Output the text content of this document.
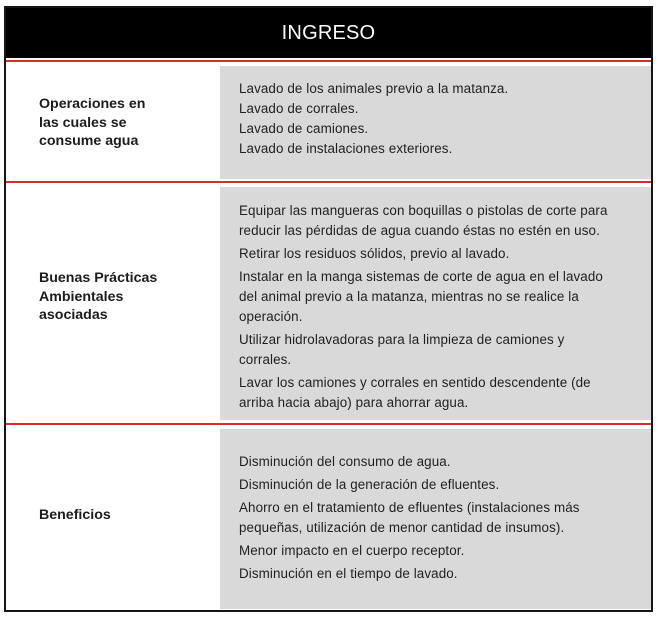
INGRESO
Operaciones en
las cuales se
consume agua
Lavado de los animales previo a la matanza.
Lavado de corrales.
Lavado de camiones.
Lavado de instalaciones exteriores.
Buenas Prácticas
Ambientales
asociadas
Equipar las mangueras con boquillas o pistolas de corte para
reducir las pérdidas de agua cuando éstas no estén en uso.
Retirar los residuos sólidos, previo al lavado.
Instalar en la manga sistemas de corte de agua en el lavado
del animal previo a la matanza, mientras no se realice la
operación.
Utilizar hidrolavadoras para la limpieza de camiones y
corrales.
Lavar los camiones y corrales en sentido descendente (de
arriba hacia abajo) para ahorrar agua.
Beneficios
Disminución del consumo de agua.
Disminución de la generación de efluentes.
Ahorro en el tratamiento de efluentes (instalaciones más
pequeñas, utilización de menor cantidad de insumos).
Menor impacto en el cuerpo receptor.
Disminución en el tiempo de lavado.
